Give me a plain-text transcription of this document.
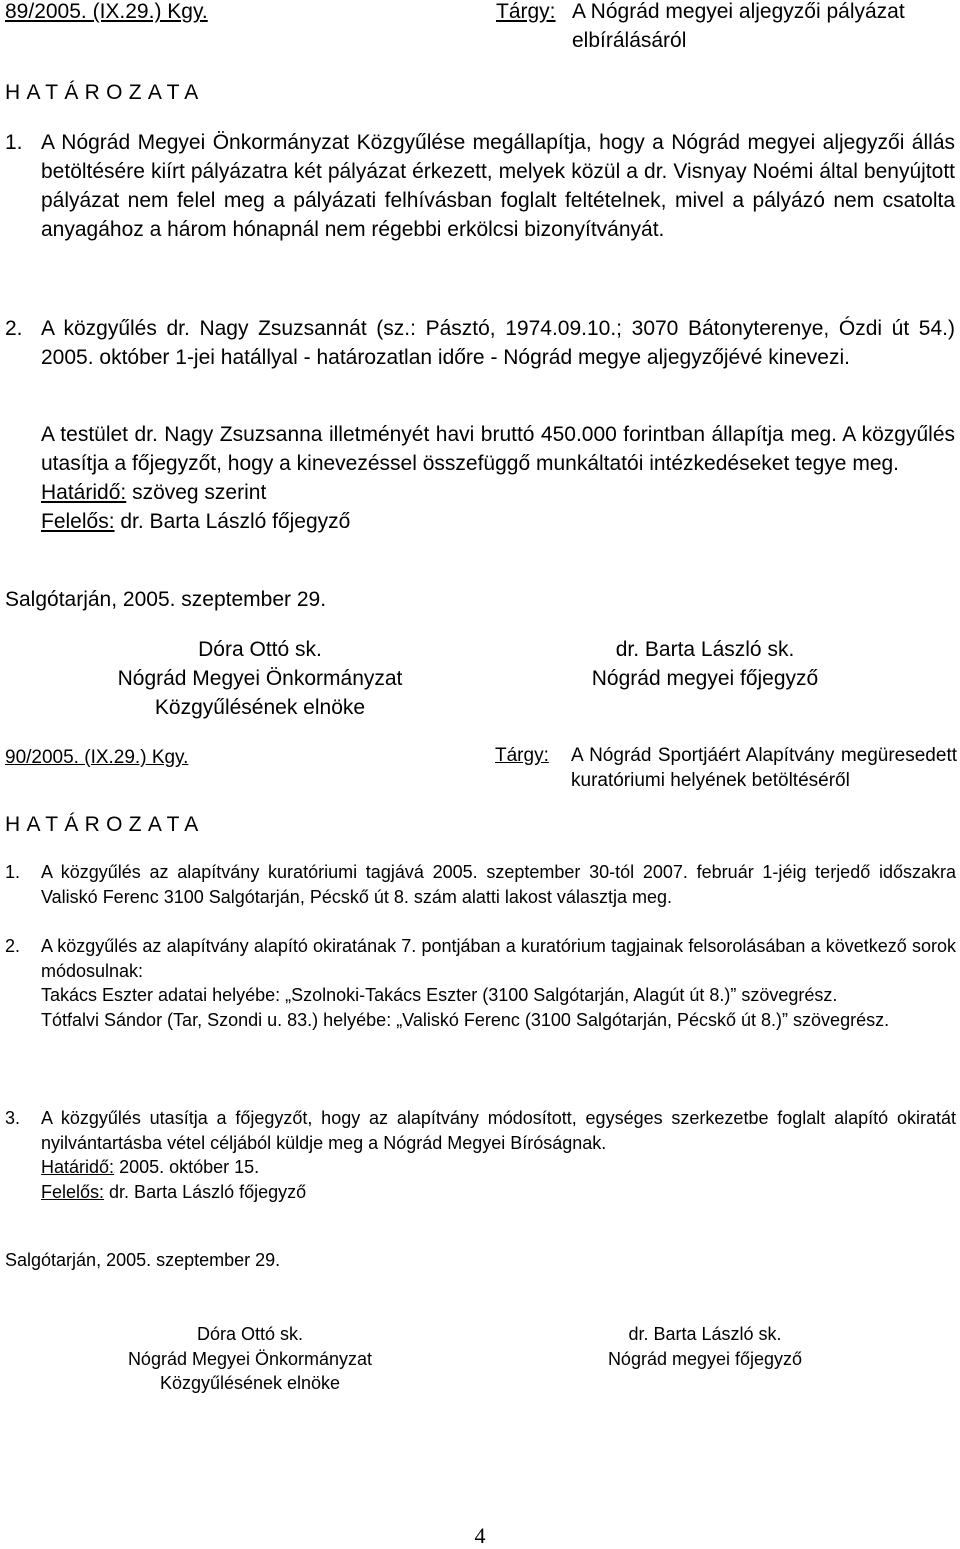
89/2005. (IX.29.) Kgy.	Tárgy: A Nógrád megyei aljegyzői pályázat elbírálásáról
HATÁROZATA
1. A Nógrád Megyei Önkormányzat Közgyűlése megállapítja, hogy a Nógrád megyei aljegyzői állás betöltésére kiírt pályázatra két pályázat érkezett, melyek közül a dr. Visnyay Noémi által benyújtott pályázat nem felel meg a pályázati felhívásban foglalt feltételnek, mivel a pályázó nem csatolta anyagához a három hónapnál nem régebbi erkölcsi bizonyítványát.
2. A közgyűlés dr. Nagy Zsuzsannát (sz.: Pásztó, 1974.09.10.; 3070 Bátonyterenye, Ózdi út 54.) 2005. október 1-jei hatállyal - határozatlan időre - Nógrád megye aljegyzőjévé kinevezi.

A testület dr. Nagy Zsuzsanna illetményét havi bruttó 450.000 forintban állapítja meg. A közgyűlés utasítja a főjegyzőt, hogy a kinevezéssel összefüggő munkáltatói intézkedéseket tegye meg.

Határidő: szöveg szerint

Felelős: dr. Barta László főjegyző

Salgótarján, 2005. szeptember 29.
Dóra Ottó sk.
Nógrád Megyei Önkormányzat
Közgyűlésének elnöke
dr. Barta László sk.
Nógrád megyei főjegyző
90/2005. (IX.29.) Kgy.	Tárgy: A Nógrád Sportjáért Alapítvány megüresedett kuratóriumi helyének betöltéséről
HATÁROZATA
1. A közgyűlés az alapítvány kuratóriumi tagjává 2005. szeptember 30-tól 2007. február 1-jéig terjedő időszakra Valiskó Ferenc 3100 Salgótarján, Pécskő út 8. szám alatti lakost választja meg.
2. A közgyűlés az alapítvány alapító okiratának 7. pontjában a kuratórium tagjainak felsorolásában a következő sorok módosulnak:

Takács Eszter adatai helyébe: „Szolnoki-Takács Eszter (3100 Salgótarján, Alagút út 8.)” szövegrész.

Tótfalvi Sándor (Tar, Szondi u. 83.) helyébe: „Valiskó Ferenc (3100 Salgótarján, Pécskő út 8.)” szövegrész.

3. A közgyűlés utasítja a főjegyzőt, hogy az alapítvány módosított, egységes szerkezetbe foglalt alapító okiratát nyilvántartásba vétel céljából küldje meg a Nógrád Megyei Bíróságnak.

Határidő: 2005. október 15.

Felelős: dr. Barta László főjegyző

Salgótarján, 2005. szeptember 29.
Dóra Ottó sk.
Nógrád Megyei Önkormányzat
Közgyűlésének elnöke
dr. Barta László sk.
Nógrád megyei főjegyző
4
